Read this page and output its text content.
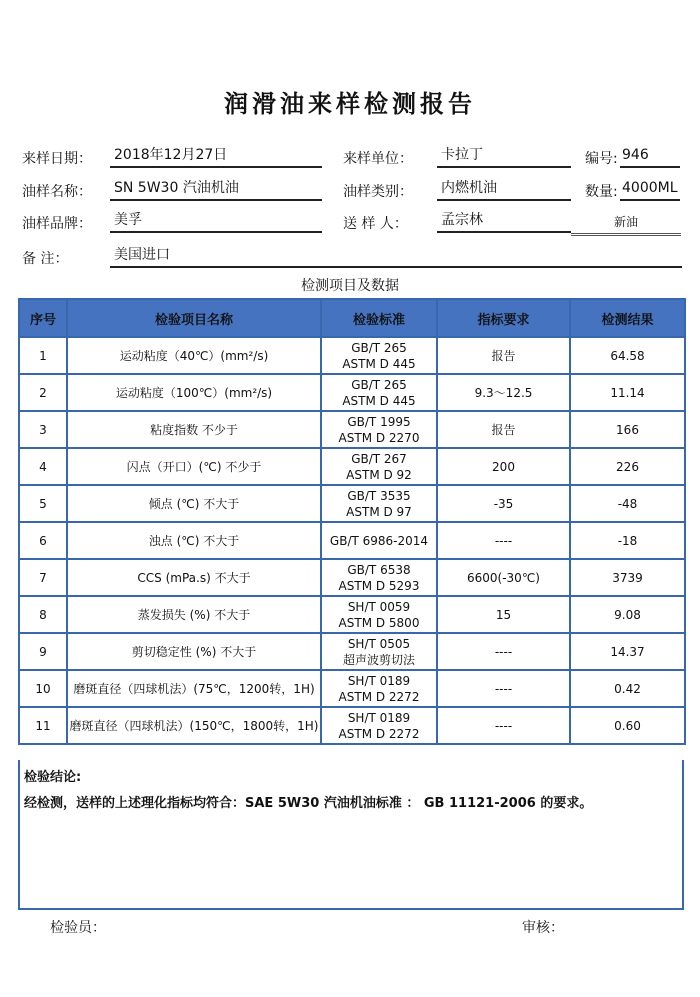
润滑油来样检测报告
来样日期： 2018年12月27日	来样单位： 卡拉丁	编号: 946
油样名称： SN 5W30 汽油机油	油样类别： 内燃机油	数量: 4000ML
油样品牌： 美孚	送 样 人： 孟宗林	新油
备 注：	美国进口
检测项目及数据
序号	检验项目名称	检验标准	指标要求	检测结果
1	运动粘度（40℃）(mm²/s)	GB/T 265
ASTM D 445	报告	64.58
2	运动粘度（100℃）(mm²/s)	GB/T 265
ASTM D 445	9.3～12.5	11.14
3	粘度指数 不少于	GB/T 1995
ASTM D 2270	报告	166
4	闪点（开口）(℃) 不少于	GB/T 267
ASTM D 92	200	226
5	倾点 (℃) 不大于	GB/T 3535
ASTM D 97	-35	-48
6	浊点 (℃) 不大于	GB/T 6986-2014	----	-18
7	CCS (mPa.s) 不大于	GB/T 6538
ASTM D 5293	6600(-30℃)	3739
8	蒸发损失 (%) 不大于	SH/T 0059
ASTM D 5800	15	9.08
9	剪切稳定性 (%) 不大于	SH/T 0505
超声波剪切法	----	14.37
10	磨斑直径（四球机法）(75℃，1200转，1H)	SH/T 0189
ASTM D 2272	----	0.42
11	磨斑直径（四球机法）(150℃，1800转，1H)	SH/T 0189
ASTM D 2272	----	0.60
检验结论:
经检测，送样的上述理化指标均符合：SAE 5W30 汽油机油标准 ： GB 11121-2006 的要求。
检验员：	审核：
